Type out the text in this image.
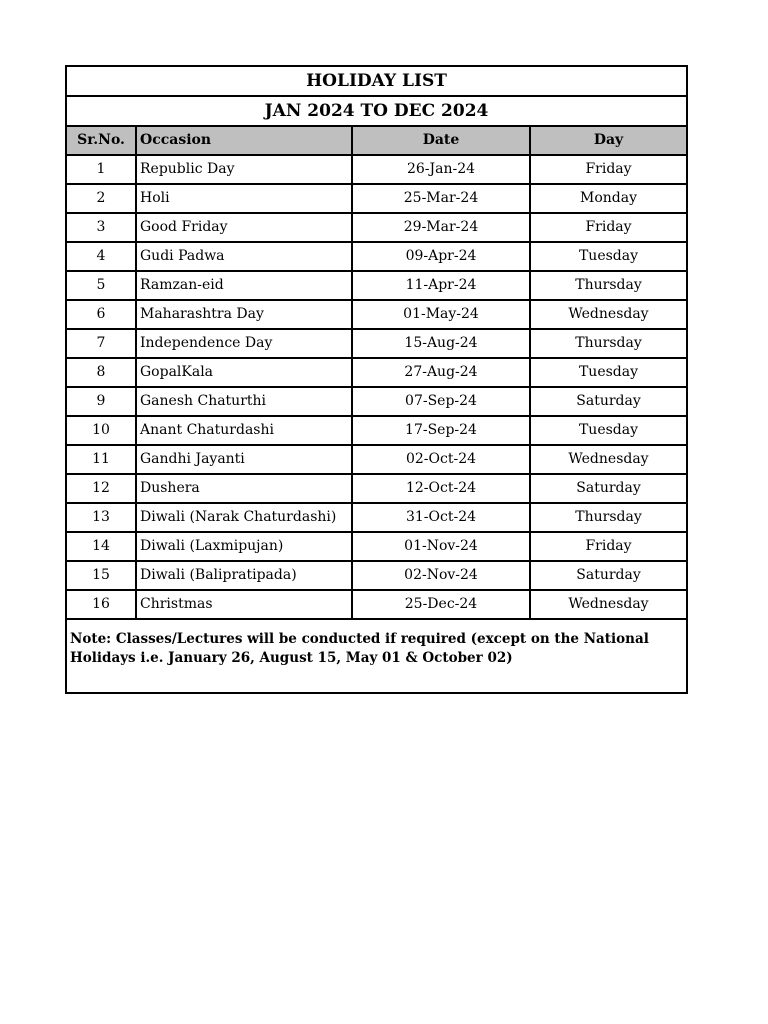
HOLIDAY LIST			
JAN 2024 TO DEC 2024			
Sr.No.	Occasion	Date	Day
1	Republic Day	26-Jan-24	Friday
2	Holi	25-Mar-24	Monday
3	Good Friday	29-Mar-24	Friday
4	Gudi Padwa	09-Apr-24	Tuesday
5	Ramzan-eid	11-Apr-24	Thursday
6	Maharashtra Day	01-May-24	Wednesday
7	Independence Day	15-Aug-24	Thursday
8	GopalKala	27-Aug-24	Tuesday
9	Ganesh Chaturthi	07-Sep-24	Saturday
10	Anant Chaturdashi	17-Sep-24	Tuesday
11	Gandhi Jayanti	02-Oct-24	Wednesday
12	Dushera	12-Oct-24	Saturday
13	Diwali (Narak Chaturdashi)	31-Oct-24	Thursday
14	Diwali (Laxmipujan)	01-Nov-24	Friday
15	Diwali (Balipratipada)	02-Nov-24	Saturday
16	Christmas	25-Dec-24	Wednesday
Note: Classes/Lectures will be conducted if required (except on the National Holidays i.e. January 26, August 15, May 01 & October 02)			
